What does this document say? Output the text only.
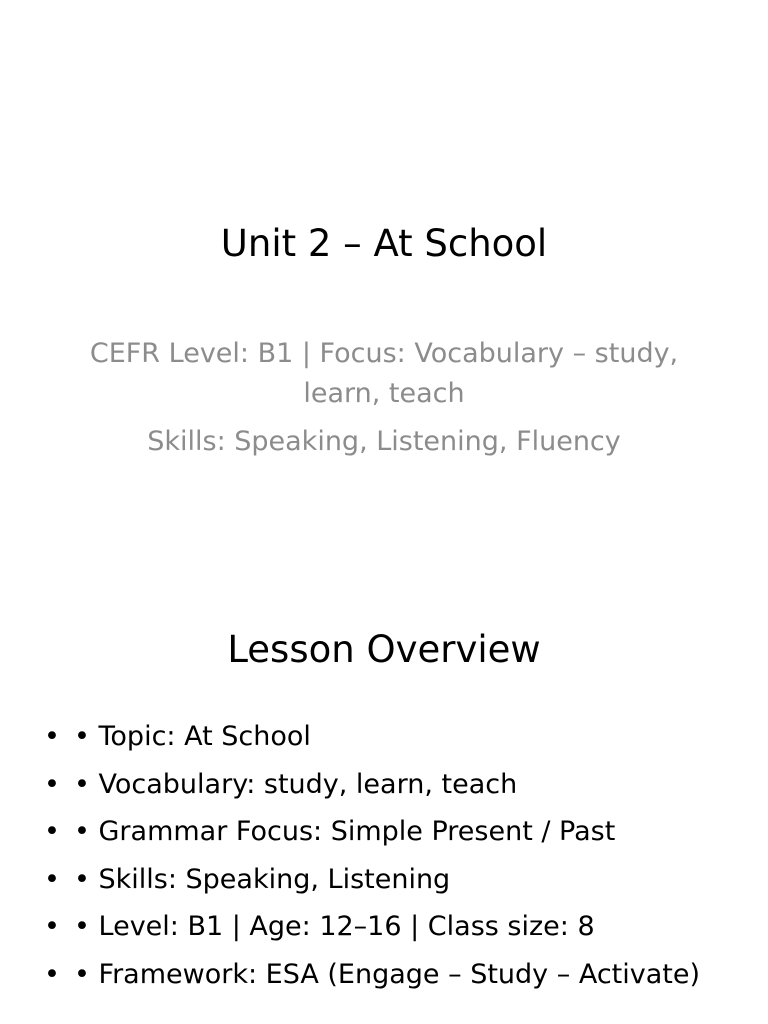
Unit 2 – At School

CEFR Level: B1 | Focus: Vocabulary – study, learn, teach

Skills: Speaking, Listening, Fluency

Lesson Overview
• • Topic: At School
• • Vocabulary: study, learn, teach
• • Grammar Focus: Simple Present / Past
• • Skills: Speaking, Listening
• • Level: B1 | Age: 12–16 | Class size: 8
• • Framework: ESA (Engage – Study – Activate)
